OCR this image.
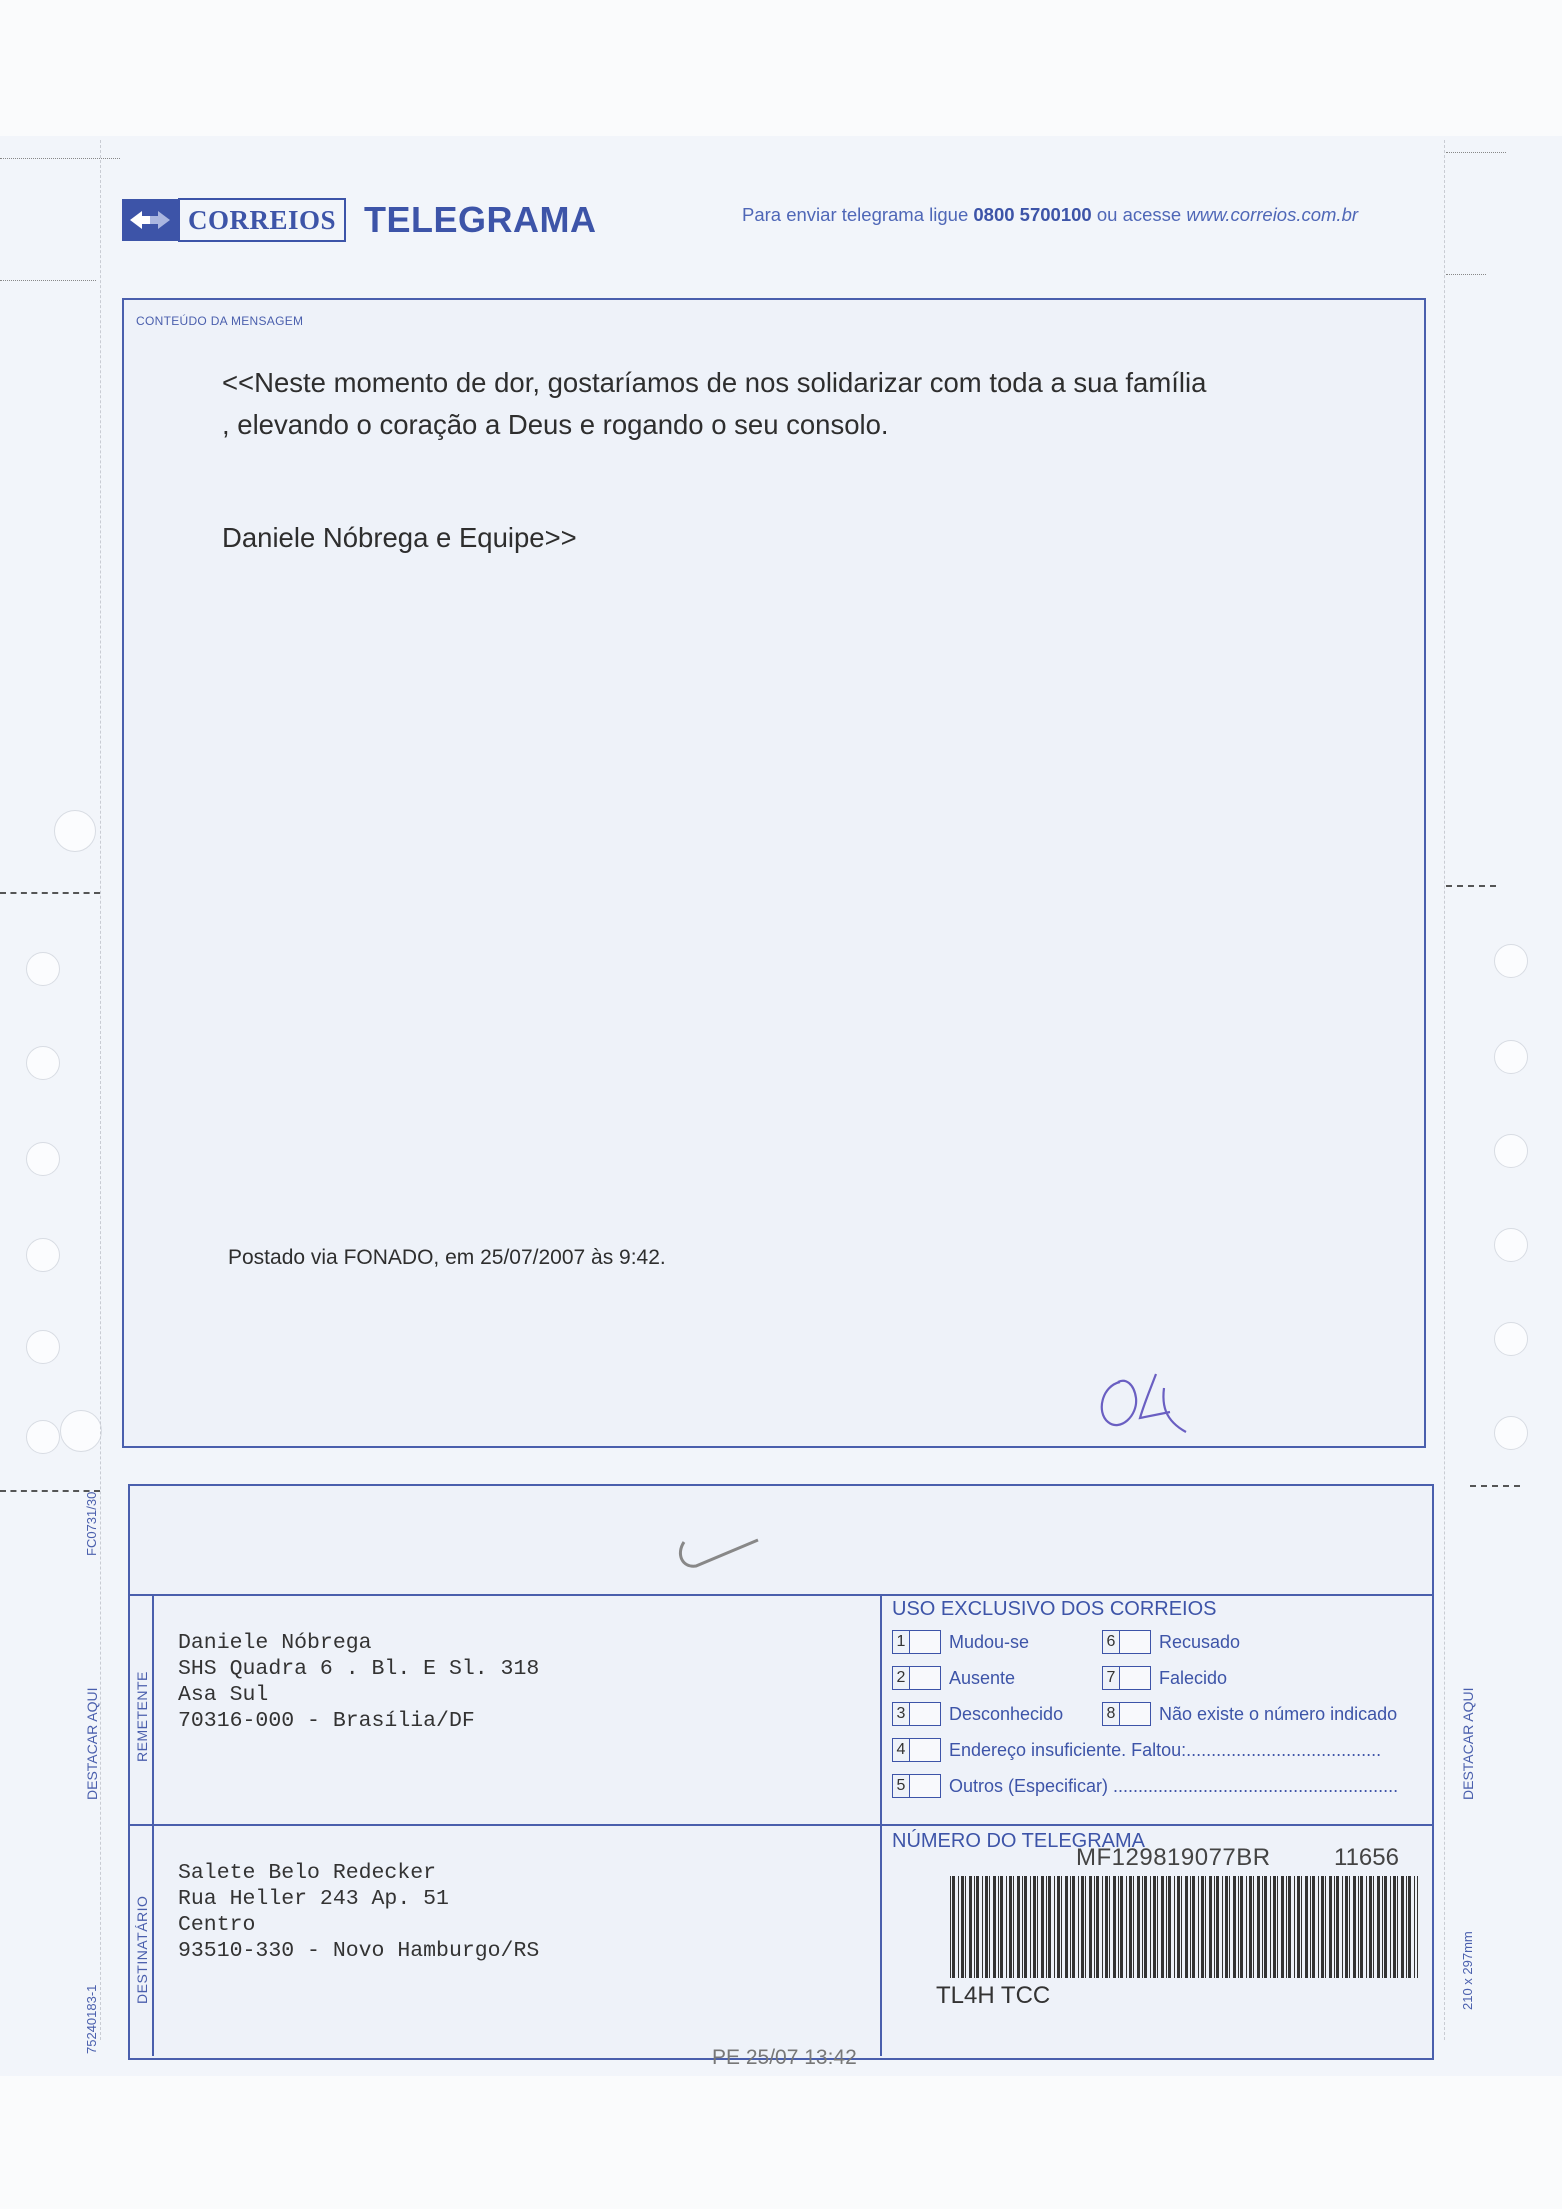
CORREIOS TELEGRAMA	Para enviar telegrama ligue 0800 5700100 ou acesse www.correios.com.br
CONTEÚDO DA MENSAGEM
<<Neste momento de dor, gostaríamos de nos solidarizar com toda a sua família
, elevando o coração a Deus e rogando o seu consolo.
Daniele Nóbrega e Equipe>>
Postado via FONADO, em 25/07/2007 às 9:42.
REMETENTE
Daniele Nóbrega
SHS Quadra 6 . Bl. E Sl. 318
Asa Sul
70316-000 - Brasília/DF
DESTINATÁRIO
Salete Belo Redecker
Rua Heller 243 Ap. 51
Centro
93510-330 - Novo Hamburgo/RS
USO EXCLUSIVO DOS CORREIOS
1 Mudou-se
2 Ausente
3 Desconhecido
4 Endereço insuficiente. Faltou:.......................................
5 Outros (Especificar) .........................................................
6 Recusado
7 Falecido
8 Não existe o número indicado
NÚMERO DO TELEGRAMA
MF129819077BR	11656
TL4H TCC
PE 25/07 13:42
FC0731/30
DESTACAR AQUI	DESTACAR AQUI
75240183-1
210 x 297mm
